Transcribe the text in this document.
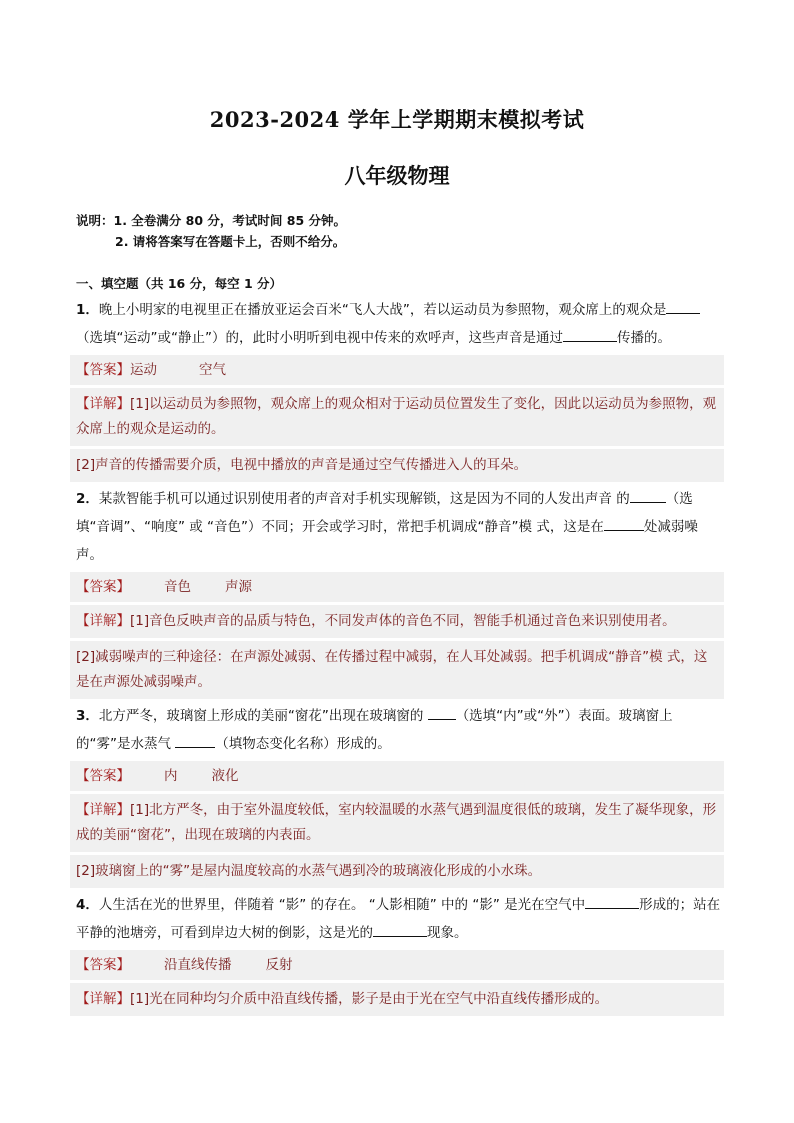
2023-2024 学年上学期期末模拟考试
八年级物理
说明：1. 全卷满分 80 分，考试时间 85 分钟。
2. 请将答案写在答题卡上，否则不给分。
一、填空题（共 16 分，每空 1 分）
1．晚上小明家的电视里正在播放亚运会百米“飞人大战”，若以运动员为参照物，观众席上的观众是（选填“运动”或“静止”）的，此时小明听到电视中传来的欢呼声，这些声音是通过	传播的。
【答案】运动	空气
【详解】[1]以运动员为参照物，观众席上的观众相对于运动员位置发生了变化，因此以运动员为参照物，观众席上的观众是运动的。
[2]声音的传播需要介质，电视中播放的声音是通过空气传播进入人的耳朵。
2．某款智能手机可以通过识别使用者的声音对手机实现解锁，这是因为不同的人发出声音 的	（选填“音调”、“响度” 或 “音色”）不同；开会或学习时，常把手机调成“静音”模 式，这是在	处减弱噪声。
【答案】	音色	声源
【详解】[1]音色反映声音的品质与特色，不同发声体的音色不同，智能手机通过音色来识别使用者。
[2]减弱噪声的三种途径：在声源处减弱、在传播过程中减弱，在人耳处减弱。把手机调成“静音”模 式，这是在声源处减弱噪声。
3．北方严冬，玻璃窗上形成的美丽“窗花”出现在玻璃窗的 （选填“内”或“外”）表面。玻璃窗上的“雾”是水蒸气	（填物态变化名称）形成的。
【答案】	内	液化
【详解】[1]北方严冬，由于室外温度较低，室内较温暖的水蒸气遇到温度很低的玻璃，发生了凝华现象，形成的美丽“窗花”，出现在玻璃的内表面。
[2]玻璃窗上的“雾”是屋内温度较高的水蒸气遇到冷的玻璃液化形成的小水珠。
4．人生活在光的世界里，伴随着 “影” 的存在。 “人影相随” 中的 “影” 是光在空气中	形成的；站在平静的池塘旁，可看到岸边大树的倒影，这是光的	现象。
【答案】	沿直线传播	反射
【详解】[1]光在同种均匀介质中沿直线传播，影子是由于光在空气中沿直线传播形成的。
